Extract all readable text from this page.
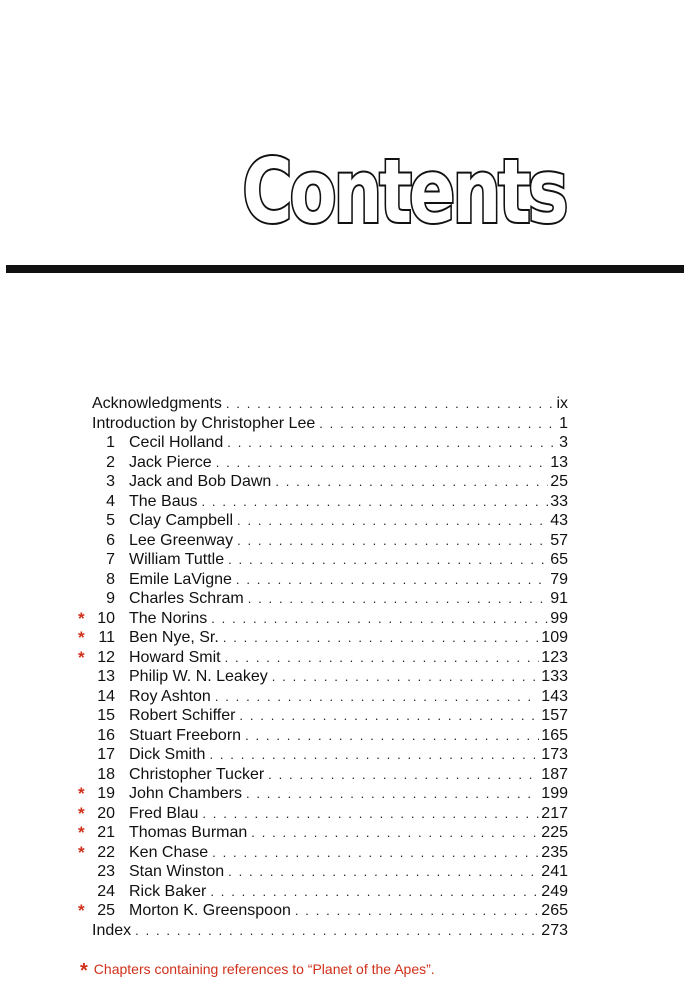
Contents
Acknowledgments . . .	ix
Introduction by Christopher Lee . . .	1
1 Cecil Holland . . .	3
2 Jack Pierce . . .	13
3 Jack and Bob Dawn . . .	25
4 The Baus . . .	33
5 Clay Campbell . . .	43
6 Lee Greenway . . .	57
7 William Tuttle . . .	65
8 Emile LaVigne . . .	79
9 Charles Schram . . .	91
* 10 The Norins . . .	99
* 11 Ben Nye, Sr. . . .	109
* 12 Howard Smit . . .	123
13 Philip W. N. Leakey . . .	133
14 Roy Ashton . . .	143
15 Robert Schiffer . . .	157
16 Stuart Freeborn . . .	165
17 Dick Smith . . .	173
18 Christopher Tucker . . .	187
* 19 John Chambers . . .	199
* 20 Fred Blau . . .	217
* 21 Thomas Burman . . .	225
* 22 Ken Chase . . .	235
23 Stan Winston . . .	241
24 Rick Baker . . .	249
* 25 Morton K. Greenspoon . . .	265
Index . . .	273
* Chapters containing references to “Planet of the Apes”.
